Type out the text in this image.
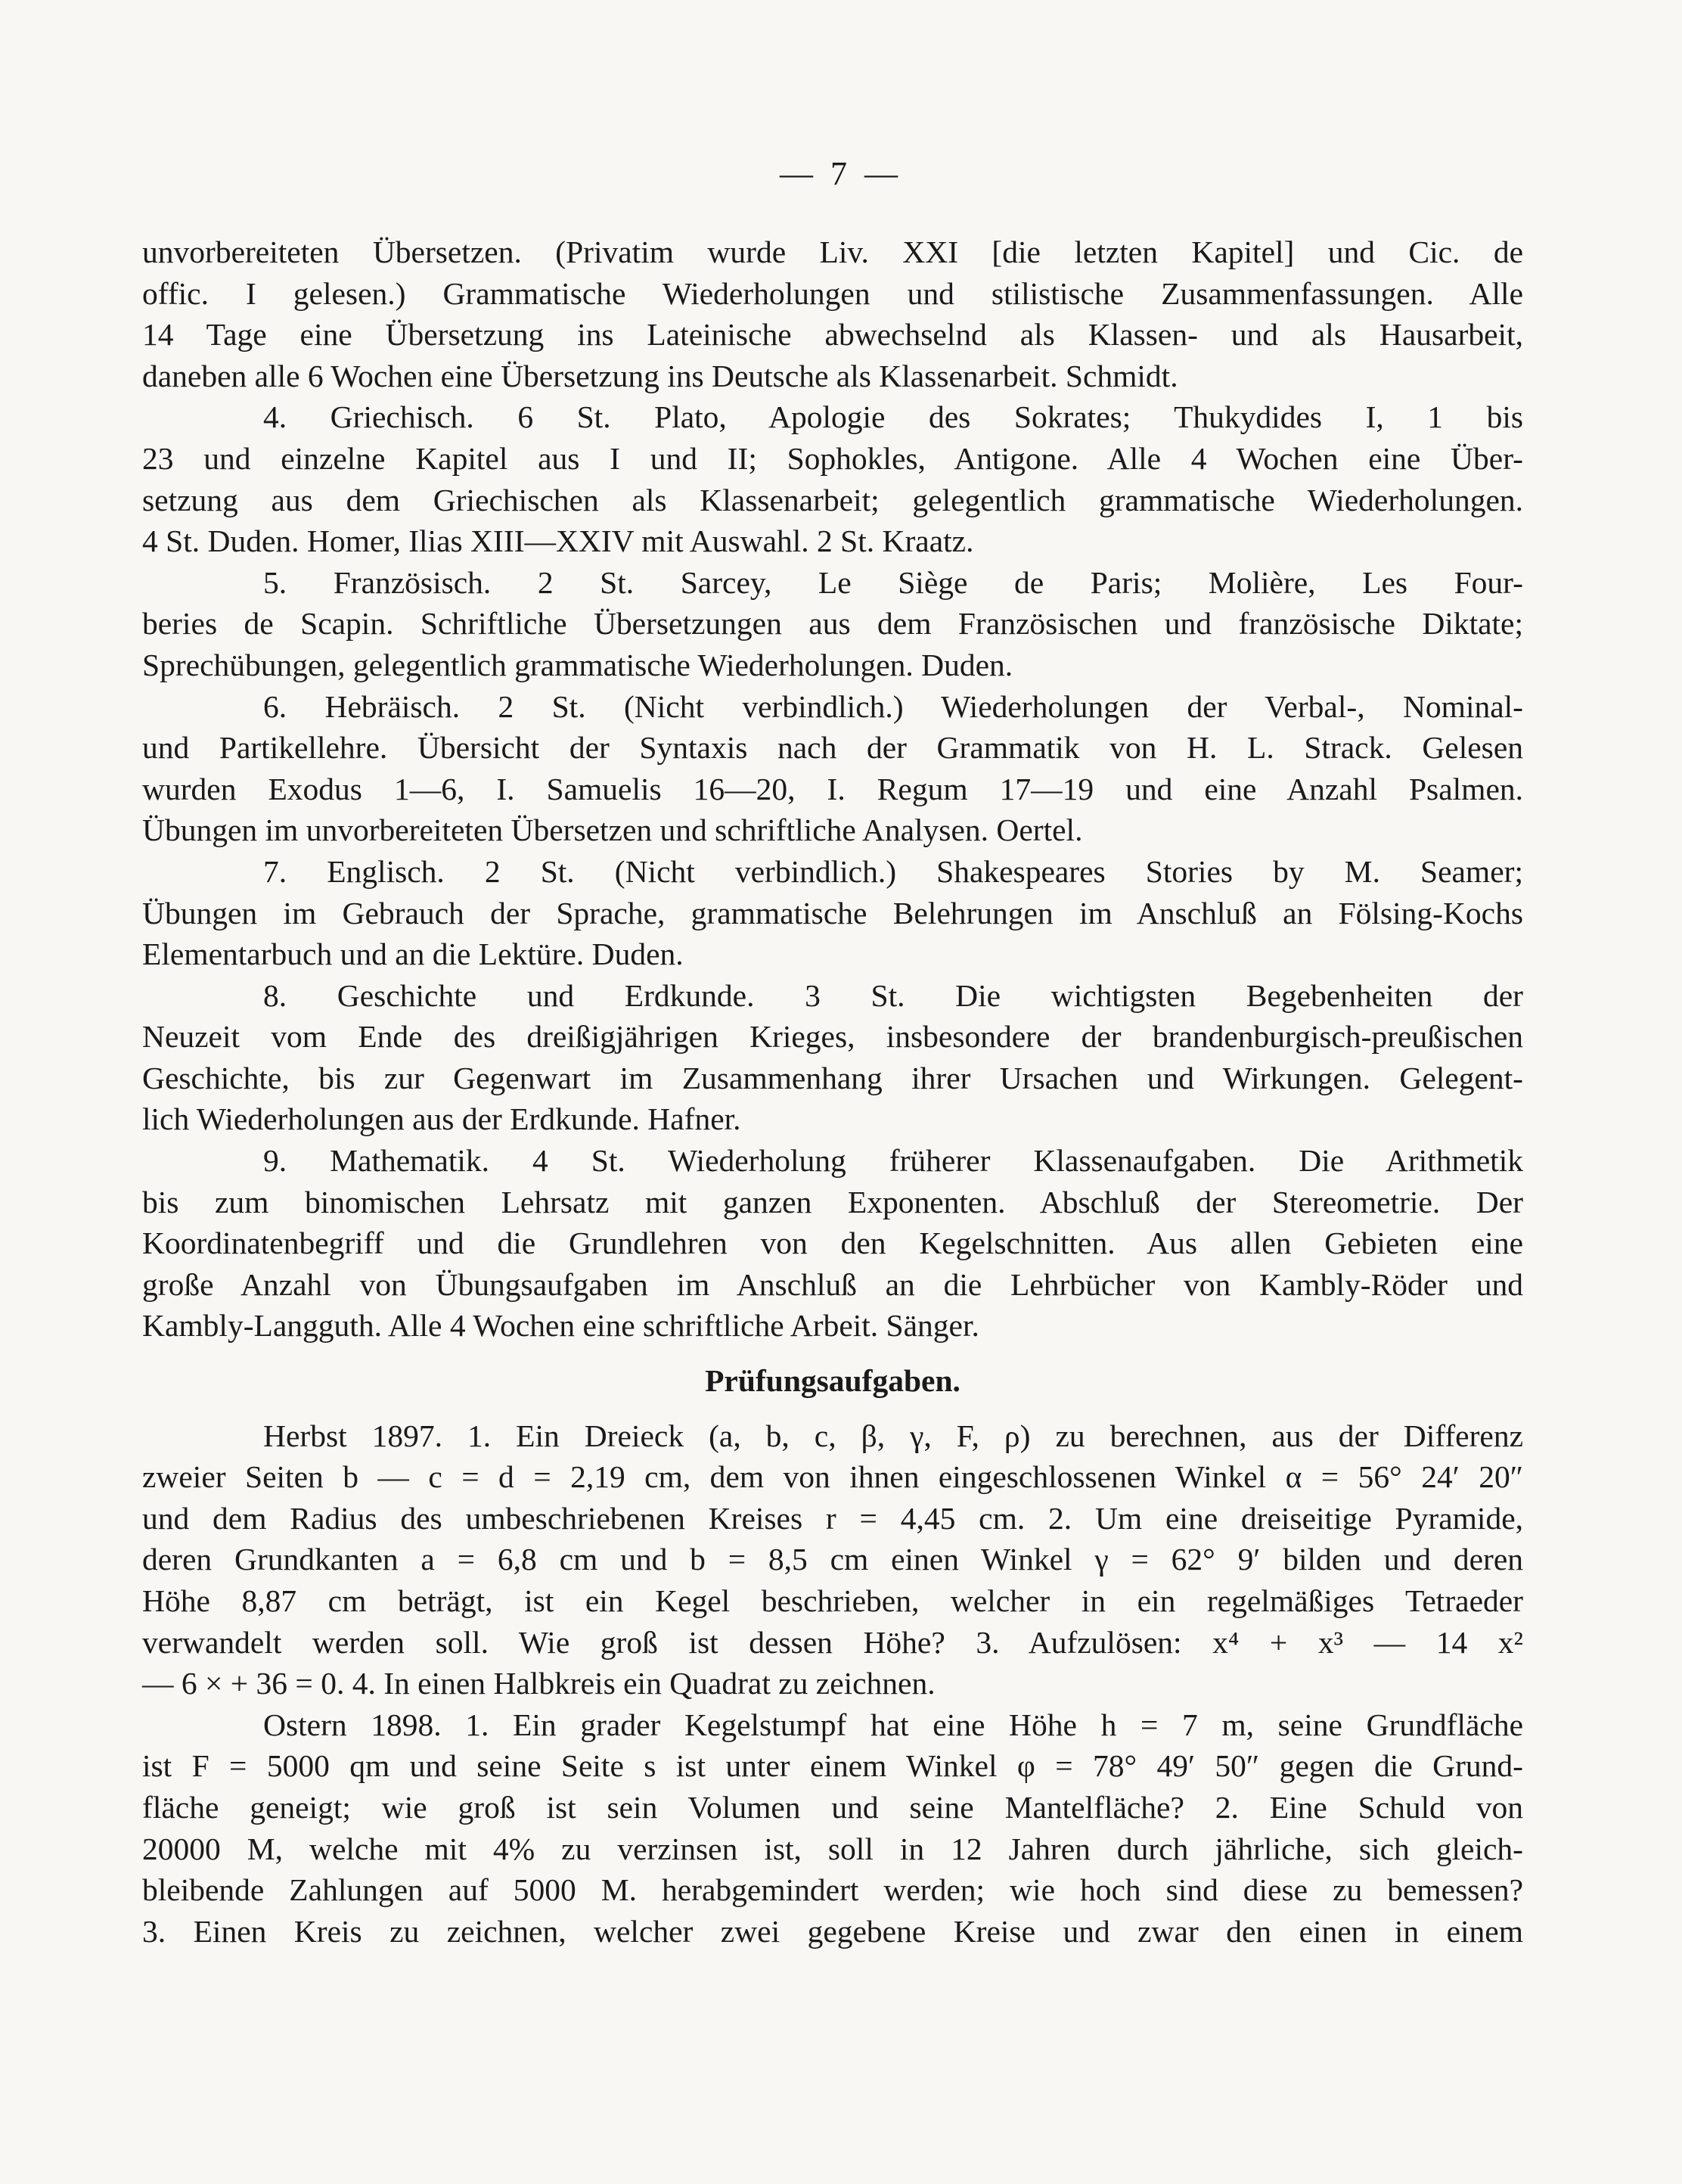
— 7 —
unvorbereiteten Übersetzen. (Privatim wurde Liv. XXI [die letzten Kapitel] und Cic. de
offic. I gelesen.) Grammatische Wiederholungen und stilistische Zusammenfassungen. Alle
14 Tage eine Übersetzung ins Lateinische abwechselnd als Klassen- und als Hausarbeit,
daneben alle 6 Wochen eine Übersetzung ins Deutsche als Klassenarbeit. Schmidt.
4. Griechisch. 6 St. Plato, Apologie des Sokrates; Thukydides I, 1 bis
23 und einzelne Kapitel aus I und II; Sophokles, Antigone. Alle 4 Wochen eine Über-
setzung aus dem Griechischen als Klassenarbeit; gelegentlich grammatische Wiederholungen.
4 St. Duden. Homer, Ilias XIII—XXIV mit Auswahl. 2 St. Kraatz.
5. Französisch. 2 St. Sarcey, Le Siège de Paris; Molière, Les Four-
beries de Scapin. Schriftliche Übersetzungen aus dem Französischen und französische Diktate;
Sprechübungen, gelegentlich grammatische Wiederholungen. Duden.
6. Hebräisch. 2 St. (Nicht verbindlich.) Wiederholungen der Verbal-, Nominal-
und Partikellehre. Übersicht der Syntaxis nach der Grammatik von H. L. Strack. Gelesen
wurden Exodus 1—6, I. Samuelis 16—20, I. Regum 17—19 und eine Anzahl Psalmen.
Übungen im unvorbereiteten Übersetzen und schriftliche Analysen. Oertel.
7. Englisch. 2 St. (Nicht verbindlich.) Shakespeares Stories by M. Seamer;
Übungen im Gebrauch der Sprache, grammatische Belehrungen im Anschluß an Fölsing-Kochs
Elementarbuch und an die Lektüre. Duden.
8. Geschichte und Erdkunde. 3 St. Die wichtigsten Begebenheiten der
Neuzeit vom Ende des dreißigjährigen Krieges, insbesondere der brandenburgisch-preußischen
Geschichte, bis zur Gegenwart im Zusammenhang ihrer Ursachen und Wirkungen. Gelegent-
lich Wiederholungen aus der Erdkunde. Hafner.
9. Mathematik. 4 St. Wiederholung früherer Klassenaufgaben. Die Arithmetik
bis zum binomischen Lehrsatz mit ganzen Exponenten. Abschluß der Stereometrie. Der
Koordinatenbegriff und die Grundlehren von den Kegelschnitten. Aus allen Gebieten eine
große Anzahl von Übungsaufgaben im Anschluß an die Lehrbücher von Kambly-Röder und
Kambly-Langguth. Alle 4 Wochen eine schriftliche Arbeit. Sänger.
Prüfungsaufgaben.
Herbst 1897. 1. Ein Dreieck (a, b, c, β, γ, F, ρ) zu berechnen, aus der Differenz
zweier Seiten b — c = d = 2,19 cm, dem von ihnen eingeschlossenen Winkel α = 56° 24′ 20″
und dem Radius des umbeschriebenen Kreises r = 4,45 cm. 2. Um eine dreiseitige Pyramide,
deren Grundkanten a = 6,8 cm und b = 8,5 cm einen Winkel γ = 62° 9′ bilden und deren
Höhe 8,87 cm beträgt, ist ein Kegel beschrieben, welcher in ein regelmäßiges Tetraeder
verwandelt werden soll. Wie groß ist dessen Höhe? 3. Aufzulösen: x⁴ + x³ — 14 x²
— 6 × + 36 = 0. 4. In einen Halbkreis ein Quadrat zu zeichnen.
Ostern 1898. 1. Ein grader Kegelstumpf hat eine Höhe h = 7 m, seine Grundfläche
ist F = 5000 qm und seine Seite s ist unter einem Winkel φ = 78° 49′ 50″ gegen die Grund-
fläche geneigt; wie groß ist sein Volumen und seine Mantelfläche? 2. Eine Schuld von
20000 M, welche mit 4% zu verzinsen ist, soll in 12 Jahren durch jährliche, sich gleich-
bleibende Zahlungen auf 5000 M. herabgemindert werden; wie hoch sind diese zu bemessen?
3. Einen Kreis zu zeichnen, welcher zwei gegebene Kreise und zwar den einen in einem
